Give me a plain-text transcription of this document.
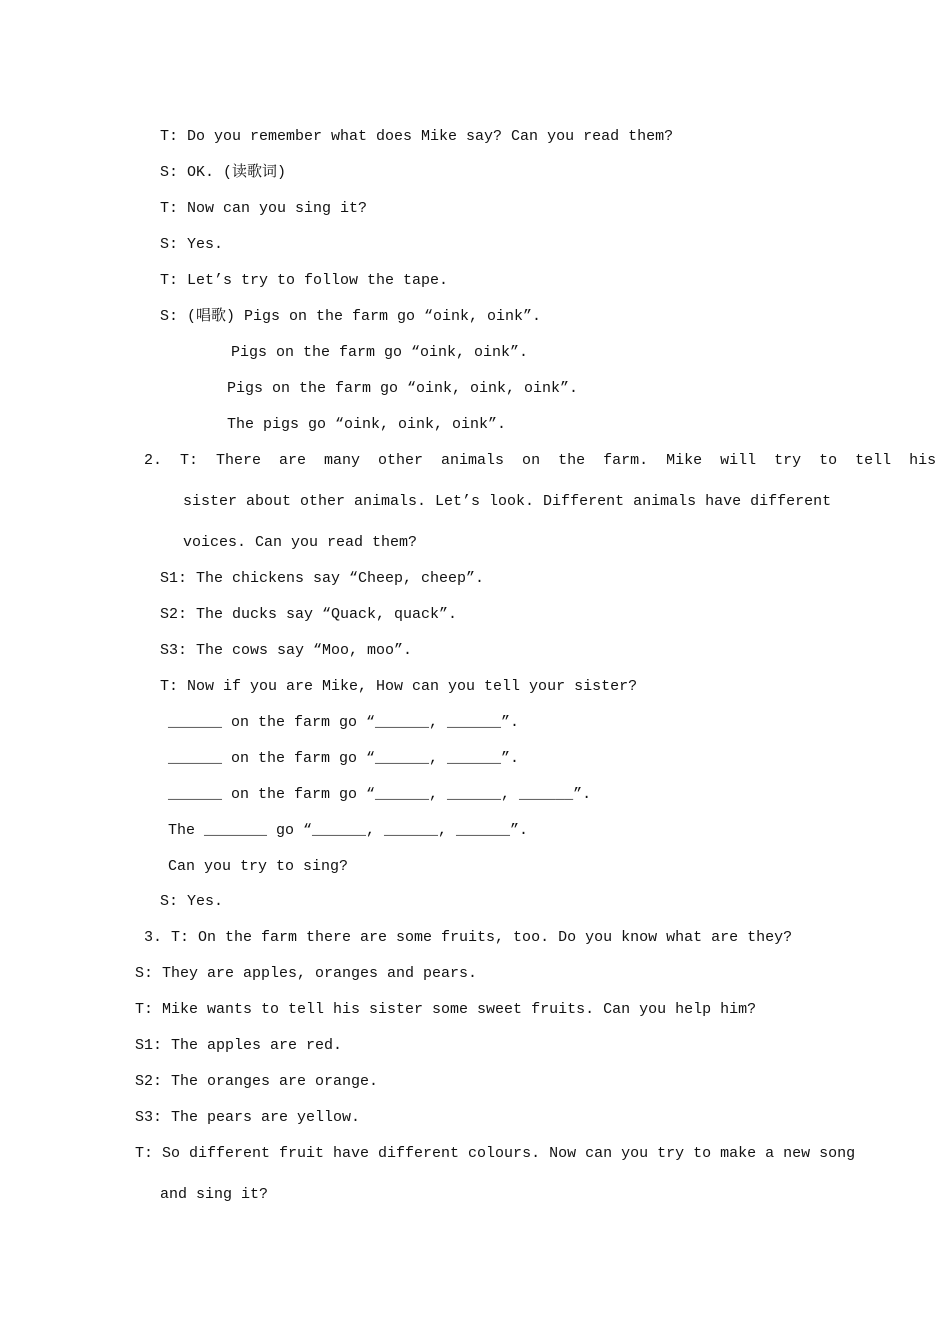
T: Do you remember what does Mike say? Can you read them?

S: OK. (读歌词)

T: Now can you sing it?

S: Yes.

T: Let’s try to follow the tape.

S: (唱歌) Pigs on the farm go “oink, oink”.

Pigs on the farm go “oink, oink”.

Pigs on the farm go “oink, oink, oink”.

The pigs go “oink, oink, oink”.

2.  T:  There  are  many  other  animals  on  the  farm.  Mike  will  try  to  tell  his

sister about other animals. Let’s look. Different animals have different

voices. Can you read them?

S1: The chickens say “Cheep, cheep”.

S2: The ducks say “Quack, quack”.

S3: The cows say “Moo, moo”.

T: Now if you are Mike, How can you tell your sister?

______ on the farm go “______, ______”.

______ on the farm go “______, ______”.

______ on the farm go “______, ______, ______”.

The _______ go “______, ______, ______”.

Can you try to sing?

S: Yes.

3. T: On the farm there are some fruits, too. Do you know what are they?

S: They are apples, oranges and pears.

T: Mike wants to tell his sister some sweet fruits. Can you help him?

S1: The apples are red.

S2: The oranges are orange.

S3: The pears are yellow.

T: So different fruit have different colours. Now can you try to make a new song

and sing it?
